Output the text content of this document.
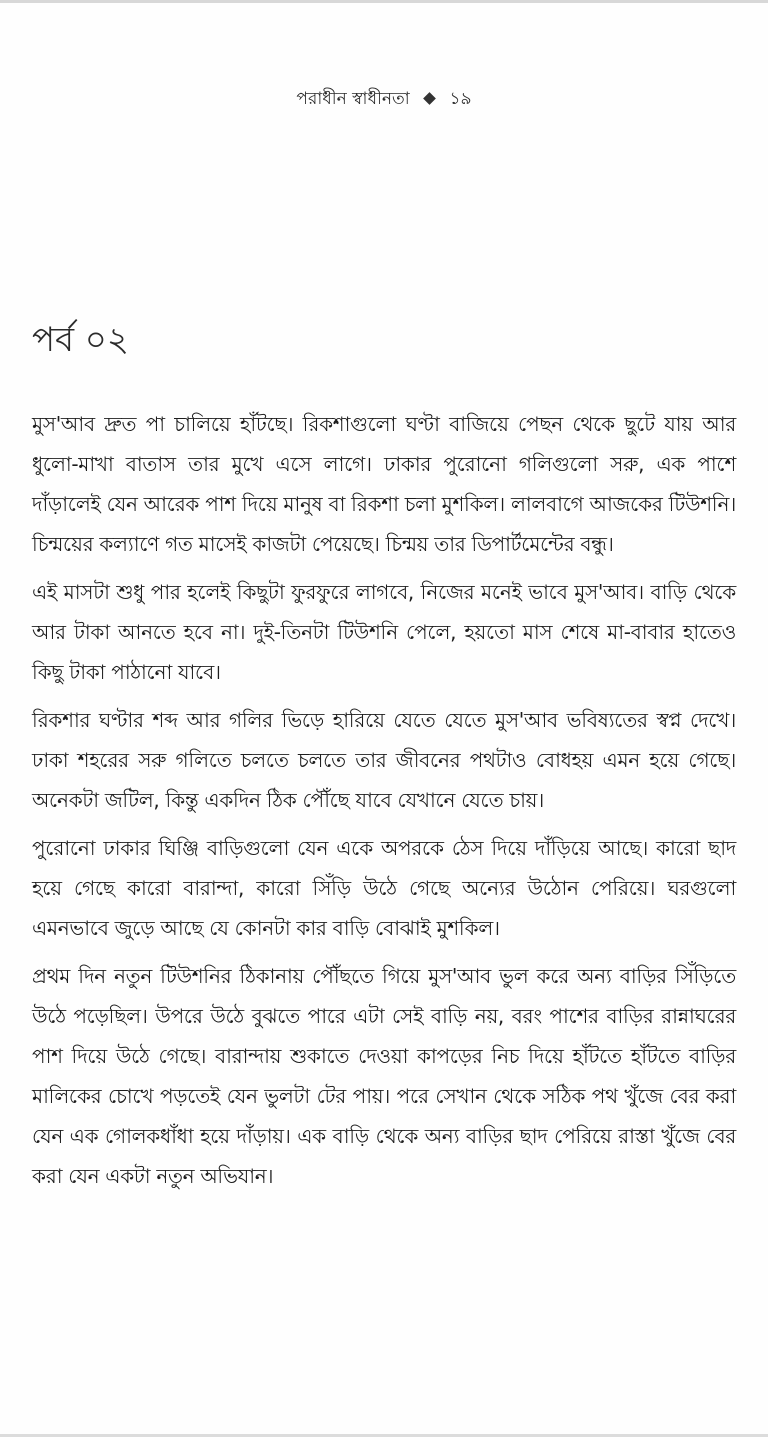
পরাধীন স্বাধীনতা ১৯
পর্ব ০২

মুস'আব দ্রুত পা চালিয়ে হাঁটছে। রিকশাগুলো ঘণ্টা বাজিয়ে পেছন থেকে ছুটে যায় আর ধুলো-মাখা বাতাস তার মুখে এসে লাগে। ঢাকার পুরোনো গলিগুলো সরু, এক পাশে দাঁড়ালেই যেন আরেক পাশ দিয়ে মানুষ বা রিকশা চলা মুশকিল। লালবাগে আজকের টিউশনি। চিন্ময়ের কল্যাণে গত মাসেই কাজটা পেয়েছে। চিন্ময় তার ডিপার্টমেন্টের বন্ধু।

এই মাসটা শুধু পার হলেই কিছুটা ফুরফুরে লাগবে, নিজের মনেই ভাবে মুস'আব। বাড়ি থেকে আর টাকা আনতে হবে না। দুই-তিনটা টিউশনি পেলে, হয়তো মাস শেষে মা-বাবার হাতেও কিছু টাকা পাঠানো যাবে।

রিকশার ঘণ্টার শব্দ আর গলির ভিড়ে হারিয়ে যেতে যেতে মুস'আব ভবিষ্যতের স্বপ্ন দেখে। ঢাকা শহরের সরু গলিতে চলতে চলতে তার জীবনের পথটাও বোধহয় এমন হয়ে গেছে। অনেকটা জটিল, কিন্তু একদিন ঠিক পৌঁছে যাবে যেখানে যেতে চায়।

পুরোনো ঢাকার ঘিঞ্জি বাড়িগুলো যেন একে অপরকে ঠেস দিয়ে দাঁড়িয়ে আছে। কারো ছাদ হয়ে গেছে কারো বারান্দা, কারো সিঁড়ি উঠে গেছে অন্যের উঠোন পেরিয়ে। ঘরগুলো এমনভাবে জুড়ে আছে যে কোনটা কার বাড়ি বোঝাই মুশকিল।

প্রথম দিন নতুন টিউশনির ঠিকানায় পৌঁছতে গিয়ে মুস'আব ভুল করে অন্য বাড়ির সিঁড়িতে উঠে পড়েছিল। উপরে উঠে বুঝতে পারে এটা সেই বাড়ি নয়, বরং পাশের বাড়ির রান্নাঘরের পাশ দিয়ে উঠে গেছে। বারান্দায় শুকাতে দেওয়া কাপড়ের নিচ দিয়ে হাঁটতে হাঁটতে বাড়ির মালিকের চোখে পড়তেই যেন ভুলটা টের পায়। পরে সেখান থেকে সঠিক পথ খুঁজে বের করা যেন এক গোলকধাঁধা হয়ে দাঁড়ায়। এক বাড়ি থেকে অন্য বাড়ির ছাদ পেরিয়ে রাস্তা খুঁজে বের করা যেন একটা নতুন অভিযান।
